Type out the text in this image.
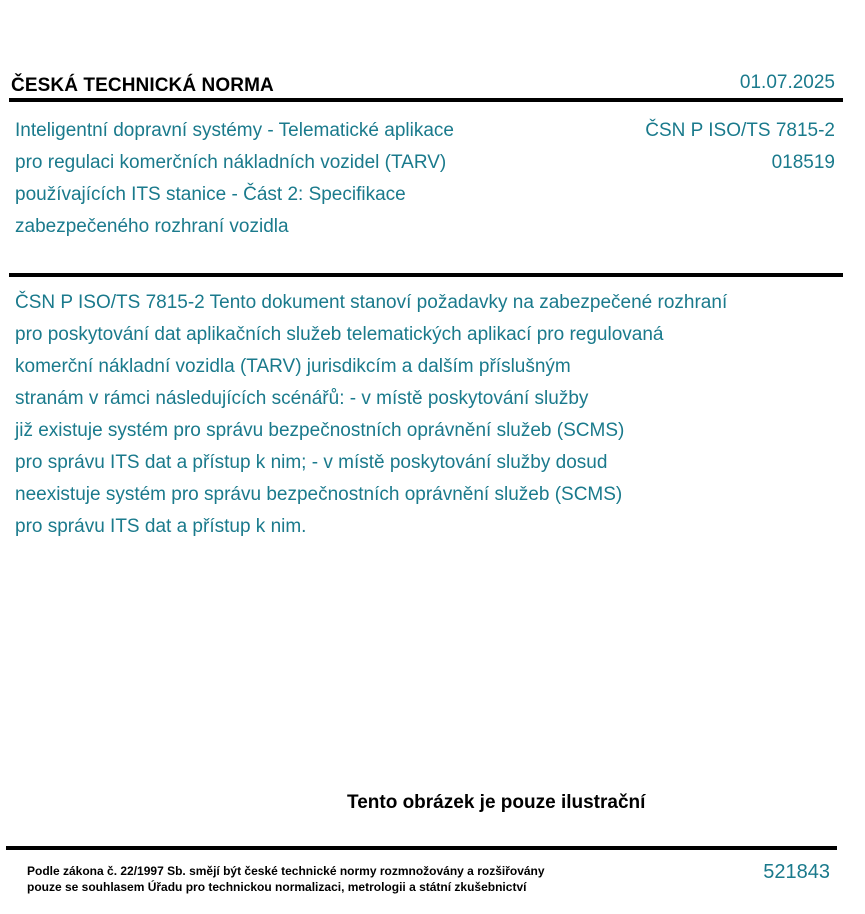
ČESKÁ TECHNICKÁ NORMA	01.07.2025
Inteligentní dopravní systémy - Telematické aplikace
pro regulaci komerčních nákladních vozidel (TARV)
používajících ITS stanice - Část 2: Specifikace
zabezpečeného rozhraní vozidla
ČSN P ISO/TS 7815-2
018519
ČSN P ISO/TS 7815-2 Tento dokument stanoví požadavky na zabezpečené rozhraní
pro poskytování dat aplikačních služeb telematických aplikací pro regulovaná
komerční nákladní vozidla (TARV) jurisdikcím a dalším příslušným
stranám v rámci následujících scénářů: - v místě poskytování služby
již existuje systém pro správu bezpečnostních oprávnění služeb (SCMS)
pro správu ITS dat a přístup k nim; - v místě poskytování služby dosud
neexistuje systém pro správu bezpečnostních oprávnění služeb (SCMS)
pro správu ITS dat a přístup k nim.
Tento obrázek je pouze ilustrační
Podle zákona č. 22/1997 Sb. smějí být české technické normy rozmnožovány a rozšiřovány
pouze se souhlasem Úřadu pro technickou normalizaci, metrologii a státní zkušebnictví
521843
